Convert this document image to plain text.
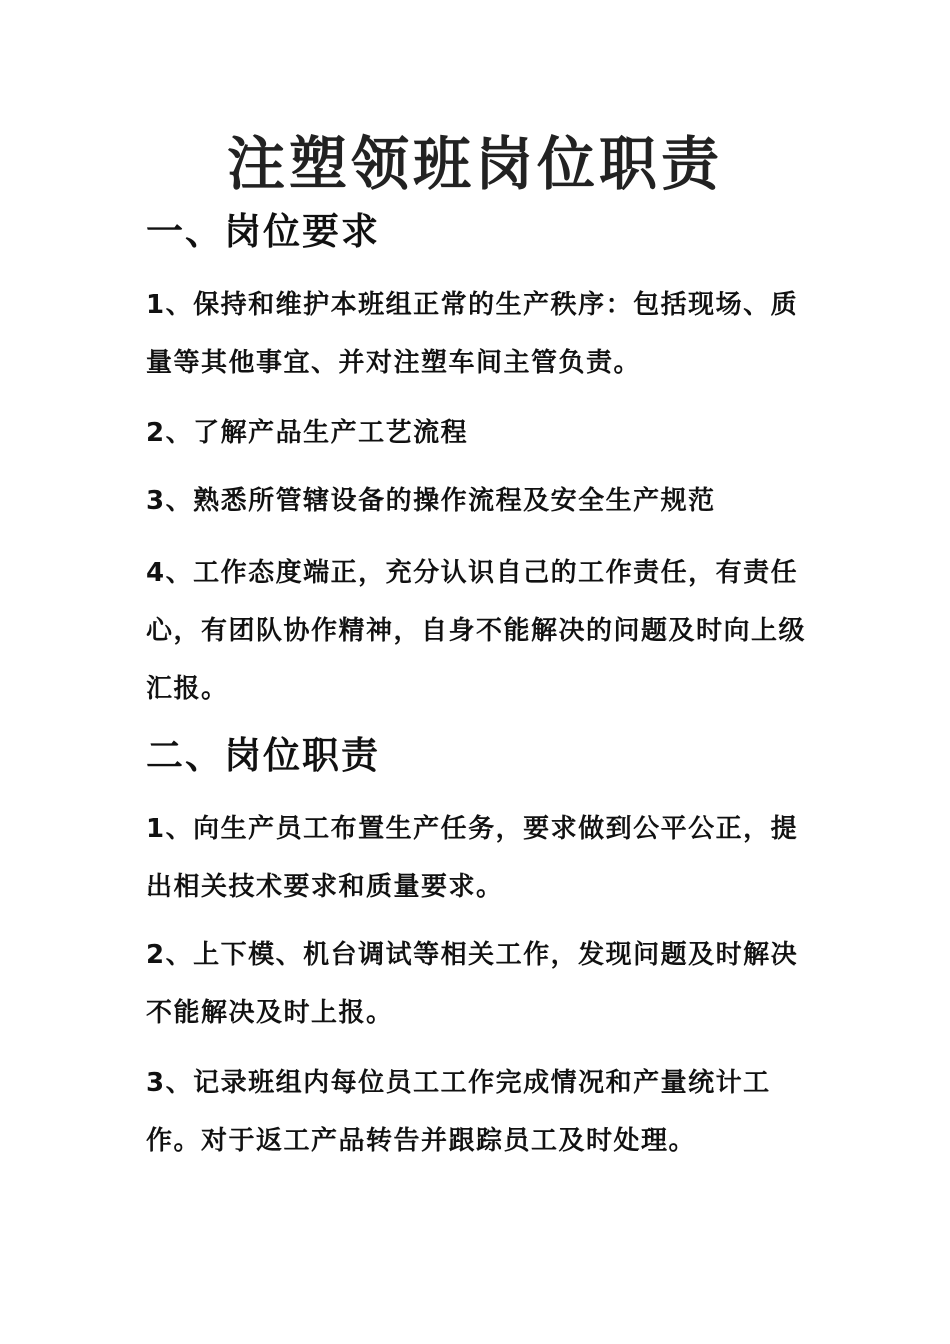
注塑领班岗位职责
一、岗位要求

1、保持和维护本班组正常的生产秩序：包括现场、质量等其他事宜、并对注塑车间主管负责。

2、了解产品生产工艺流程

3、熟悉所管辖设备的操作流程及安全生产规范

4、工作态度端正，充分认识自己的工作责任，有责任心，有团队协作精神，自身不能解决的问题及时向上级汇报。

二、岗位职责

1、向生产员工布置生产任务，要求做到公平公正，提出相关技术要求和质量要求。

2、上下模、机台调试等相关工作，发现问题及时解决不能解决及时上报。

3、记录班组内每位员工工作完成情况和产量统计工作。对于返工产品转告并跟踪员工及时处理。
